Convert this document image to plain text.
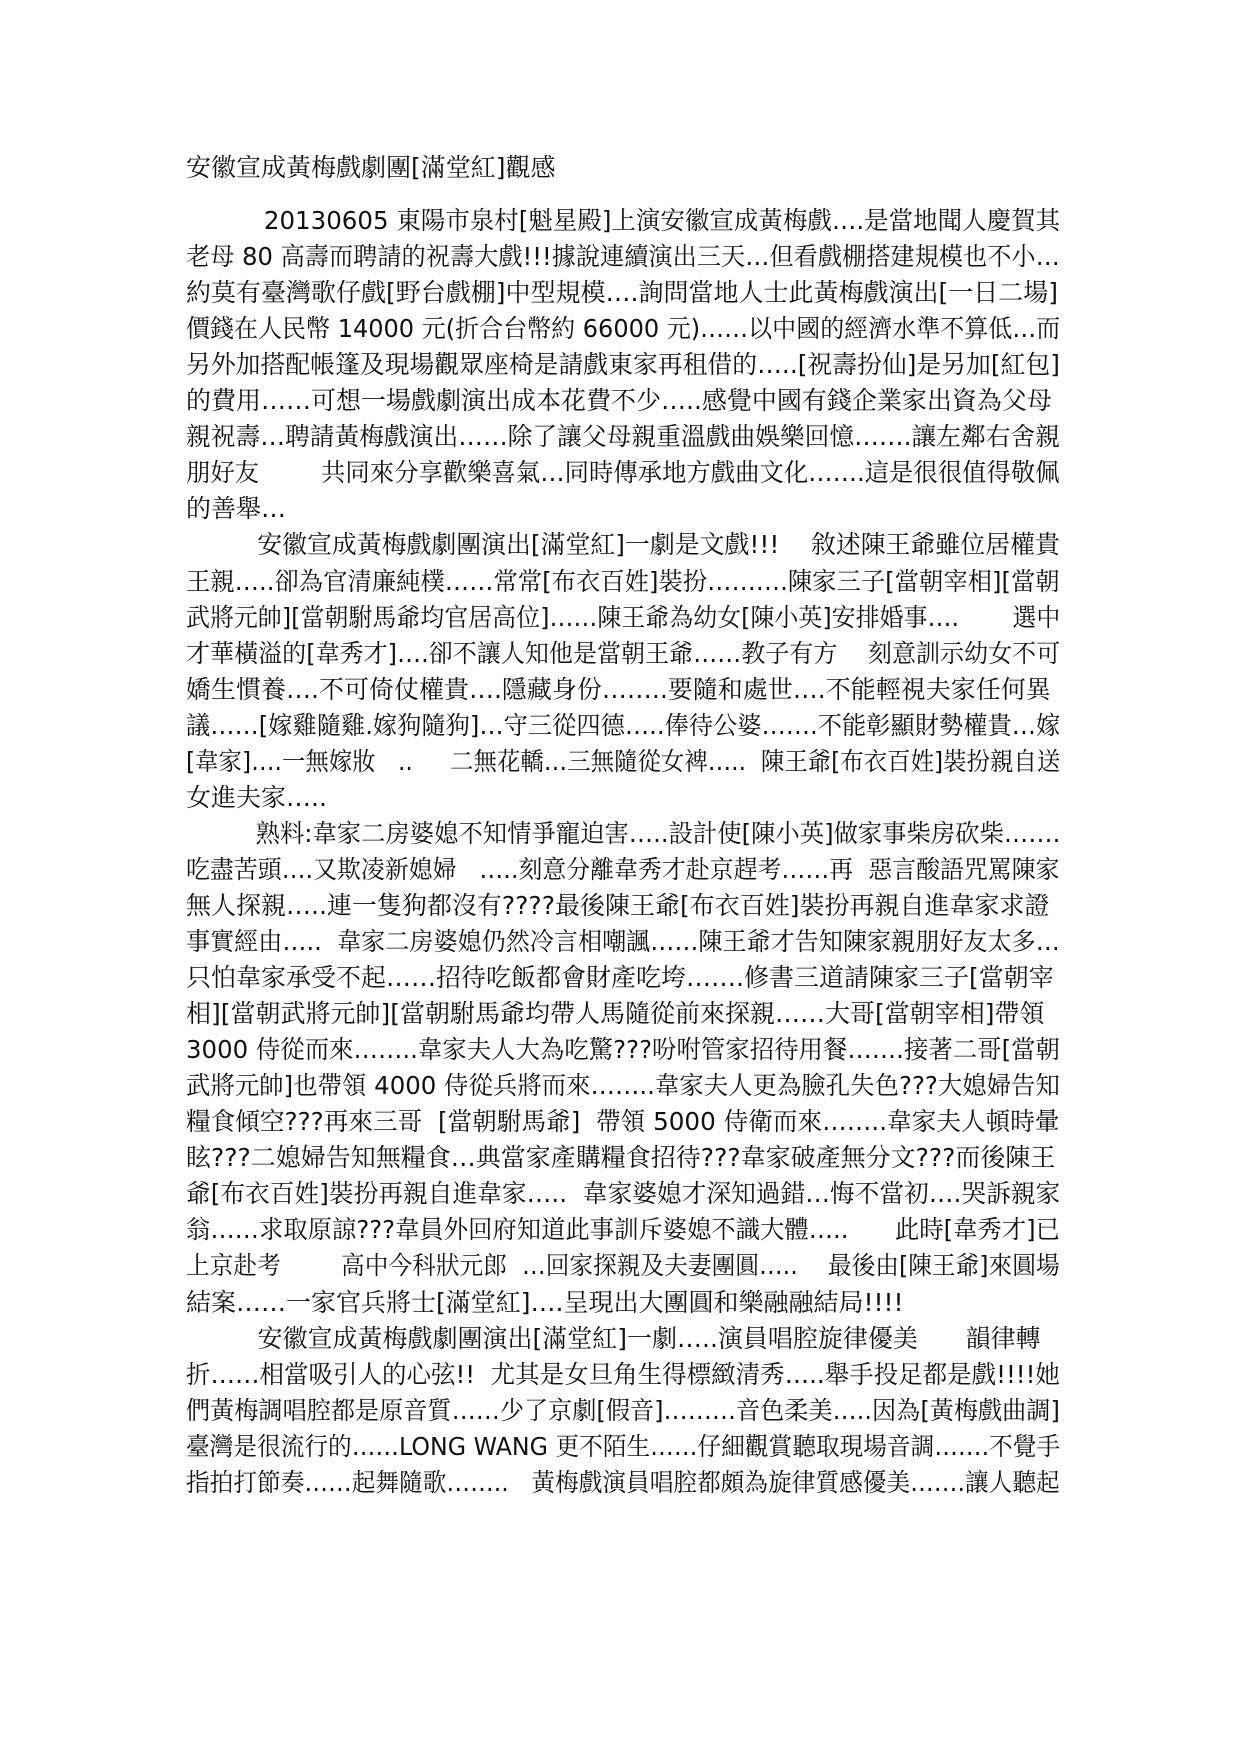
安徽宣成黃梅戲劇團[滿堂紅]觀感
20130605 東陽市泉村[魁星殿]上演安徽宣成黃梅戲….是當地聞人慶賀其
老母 80 高壽而聘請的祝壽大戲!!!據說連續演出三天…但看戲棚搭建規模也不小…
約莫有臺灣歌仔戲[野台戲棚]中型規模….詢問當地人士此黃梅戲演出[一日二場]
價錢在人民幣 14000 元(折合台幣約 66000 元)……以中國的經濟水準不算低…而
另外加搭配帳篷及現場觀眾座椅是請戲東家再租借的…..[祝壽扮仙]是另加[紅包]
的費用……可想一場戲劇演出成本花費不少…..感覺中國有錢企業家出資為父母
親祝壽…聘請黃梅戲演出……除了讓父母親重溫戲曲娛樂回憶…….讓左鄰右舍親
朋好友        共同來分享歡樂喜氣…同時傳承地方戲曲文化…….這是很很值得敬佩
的善舉…
安徽宣成黃梅戲劇團演出[滿堂紅]一劇是文戲!!!    敘述陳王爺雖位居權貴
王親…..卻為官清廉純樸……常常[布衣百姓]裝扮……….陳家三子[當朝宰相][當朝
武將元帥][當朝駙馬爺均官居高位]……陳王爺為幼女[陳小英]安排婚事….       選中
才華橫溢的[韋秀才]….卻不讓人知他是當朝王爺……教子有方    刻意訓示幼女不可
嬌生慣養….不可倚仗權貴….隱藏身份……..要隨和處世….不能輕視夫家任何異
議……[嫁雞隨雞.嫁狗隨狗]…守三從四德…..俸待公婆…….不能彰顯財勢權貴…嫁
[韋家]….一無嫁妝   ..     二無花轎…三無隨從女裨…..  陳王爺[布衣百姓]裝扮親自送
女進夫家…..
熟料:韋家二房婆媳不知情爭寵迫害…..設計使[陳小英]做家事柴房砍柴…….
吃盡苦頭….又欺凌新媳婦   …..刻意分離韋秀才赴京趕考……再  惡言酸語咒罵陳家
無人探親…..連一隻狗都沒有????最後陳王爺[布衣百姓]裝扮再親自進韋家求證
事實經由…..  韋家二房婆媳仍然冷言相嘲諷……陳王爺才告知陳家親朋好友太多…
只怕韋家承受不起……招待吃飯都會財產吃垮…….修書三道請陳家三子[當朝宰
相][當朝武將元帥][當朝駙馬爺均帶人馬隨從前來探親……大哥[當朝宰相]帶領
3000 侍從而來……..韋家夫人大為吃驚???吩咐管家招待用餐…….接著二哥[當朝
武將元帥]也帶領 4000 侍從兵將而來……..韋家夫人更為臉孔失色???大媳婦告知
糧食傾空???再來三哥  [當朝駙馬爺]  帶領 5000 侍衛而來……..韋家夫人頓時暈
眩???二媳婦告知無糧食…典當家產購糧食招待???韋家破產無分文???而後陳王
爺[布衣百姓]裝扮再親自進韋家…..  韋家婆媳才深知過錯…悔不當初….哭訴親家
翁……求取原諒???韋員外回府知道此事訓斥婆媳不識大體…..      此時[韋秀才]已
上京赴考        高中今科狀元郎  …回家探親及夫妻團圓…..    最後由[陳王爺]來圓場
結案……一家官兵將士[滿堂紅]….呈現出大團圓和樂融融結局!!!!
安徽宣成黃梅戲劇團演出[滿堂紅]一劇…..演員唱腔旋律優美      韻律轉
折……相當吸引人的心弦!!  尤其是女旦角生得標緻清秀…..舉手投足都是戲!!!!她
們黃梅調唱腔都是原音質……少了京劇[假音]………音色柔美…..因為[黃梅戲曲調]
臺灣是很流行的……LONG WANG 更不陌生……仔細觀賞聽取現場音調…….不覺手
指拍打節奏……起舞隨歌……..   黃梅戲演員唱腔都頗為旋律質感優美…….讓人聽起
